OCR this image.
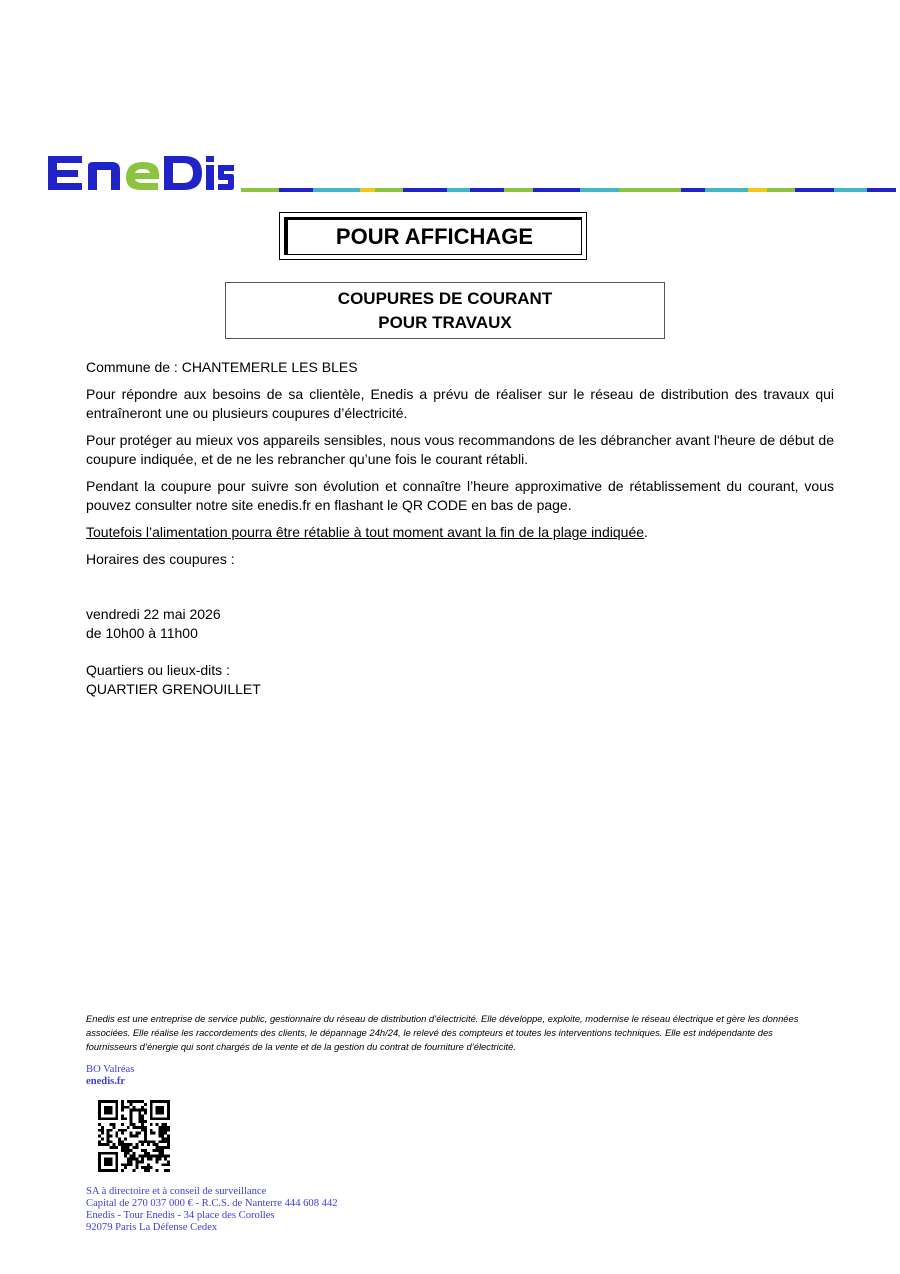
POUR AFFICHAGE
COUPURES DE COURANT
POUR TRAVAUX

Commune de : CHANTEMERLE LES BLES

Pour répondre aux besoins de sa clientèle, Enedis a prévu de réaliser sur le réseau de distribution des travaux qui entraîneront une ou plusieurs coupures d’électricité.

Pour protéger au mieux vos appareils sensibles, nous vous recommandons de les débrancher avant l'heure de début de coupure indiquée, et de ne les rebrancher qu’une fois le courant rétabli.

Pendant la coupure pour suivre son évolution et connaître l’heure approximative de rétablissement du courant, vous pouvez consulter notre site enedis.fr en flashant le QR CODE en bas de page.

Toutefois l’alimentation pourra être rétablie à tout moment avant la fin de la plage indiquée.

Horaires des coupures :

vendredi 22 mai 2026
de 10h00 à 11h00
Quartiers ou lieux-dits :
QUARTIER GRENOUILLET
Enedis est une entreprise de service public, gestionnaire du réseau de distribution d’électricité. Elle développe, exploite, modernise le réseau électrique et gère les données associées. Elle réalise les raccordements des clients, le dépannage 24h/24, le relevé des compteurs et toutes les interventions techniques. Elle est indépendante des fournisseurs d’énergie qui sont chargés de la vente et de la gestion du contrat de fourniture d’électricité.
BO Valréas
enedis.fr
SA à directoire et à conseil de surveillance
Capital de 270 037 000 € - R.C.S. de Nanterre 444 608 442
Enedis - Tour Enedis - 34 place des Corolles
92079 Paris La Défense Cedex
